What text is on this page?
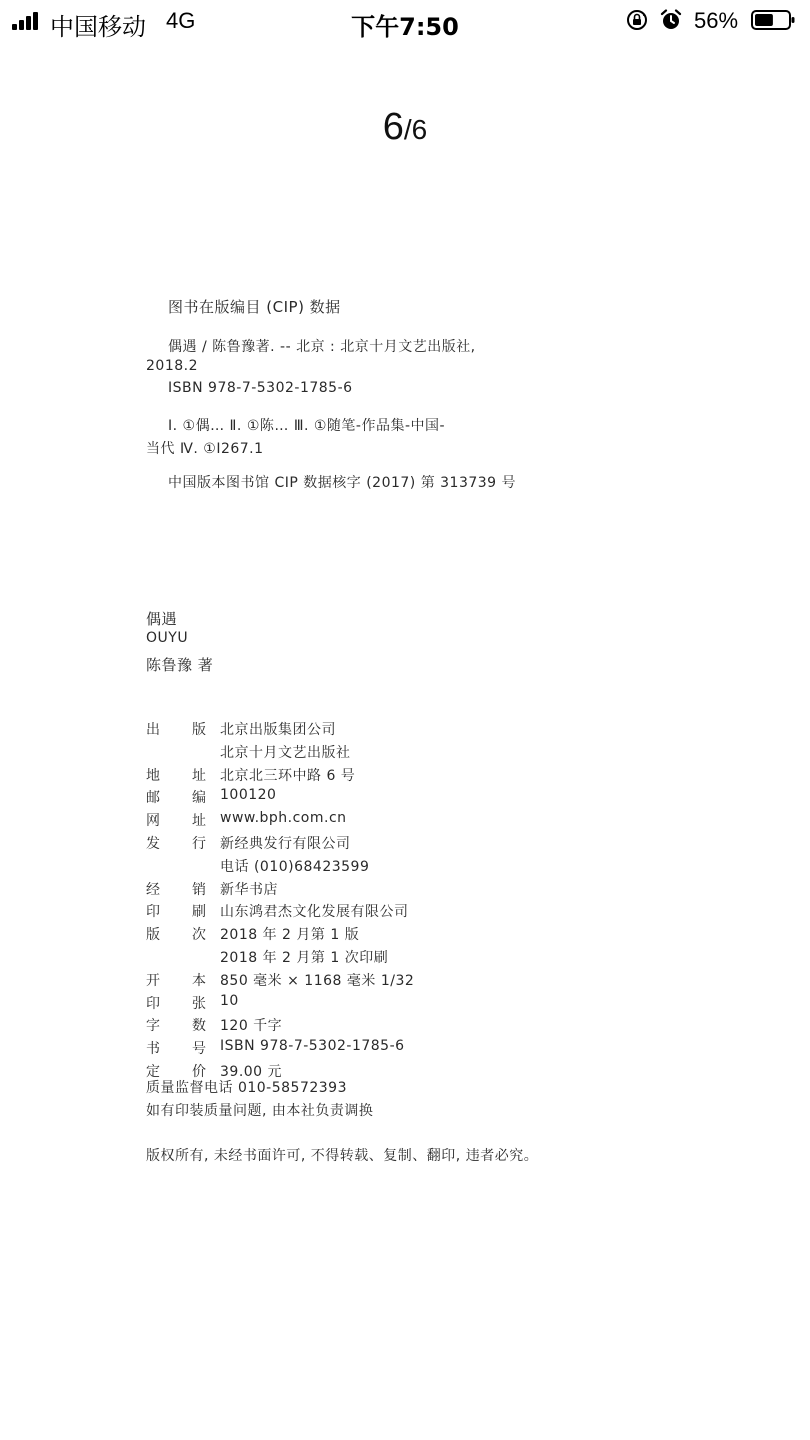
中国移动 4G	下午7:50	56%
6/6
图书在版编目 (CIP) 数据
偶遇 / 陈鲁豫著. -- 北京 : 北京十月文艺出版社,
2018.2
ISBN 978-7-5302-1785-6
Ⅰ. ①偶… Ⅱ. ①陈… Ⅲ. ①随笔-作品集-中国-
当代 Ⅳ. ①I267.1
中国版本图书馆 CIP 数据核字 (2017) 第 313739 号
偶遇
OUYU
陈鲁豫 著
出 版 北京出版集团公司
北京十月文艺出版社
地 址 北京北三环中路 6 号
邮 编 100120
网 址 www.bph.com.cn
发 行 新经典发行有限公司
电话 (010)68423599
经 销 新华书店
印 刷 山东鸿君杰文化发展有限公司
版 次 2018 年 2 月第 1 版
2018 年 2 月第 1 次印刷
开 本 850 毫米 × 1168 毫米 1/32
印 张 10
字 数 120 千字
书 号 ISBN 978-7-5302-1785-6
定 价 39.00 元
质量监督电话 010-58572393
如有印装质量问题, 由本社负责调换
版权所有, 未经书面许可, 不得转载、复制、翻印, 违者必究。
